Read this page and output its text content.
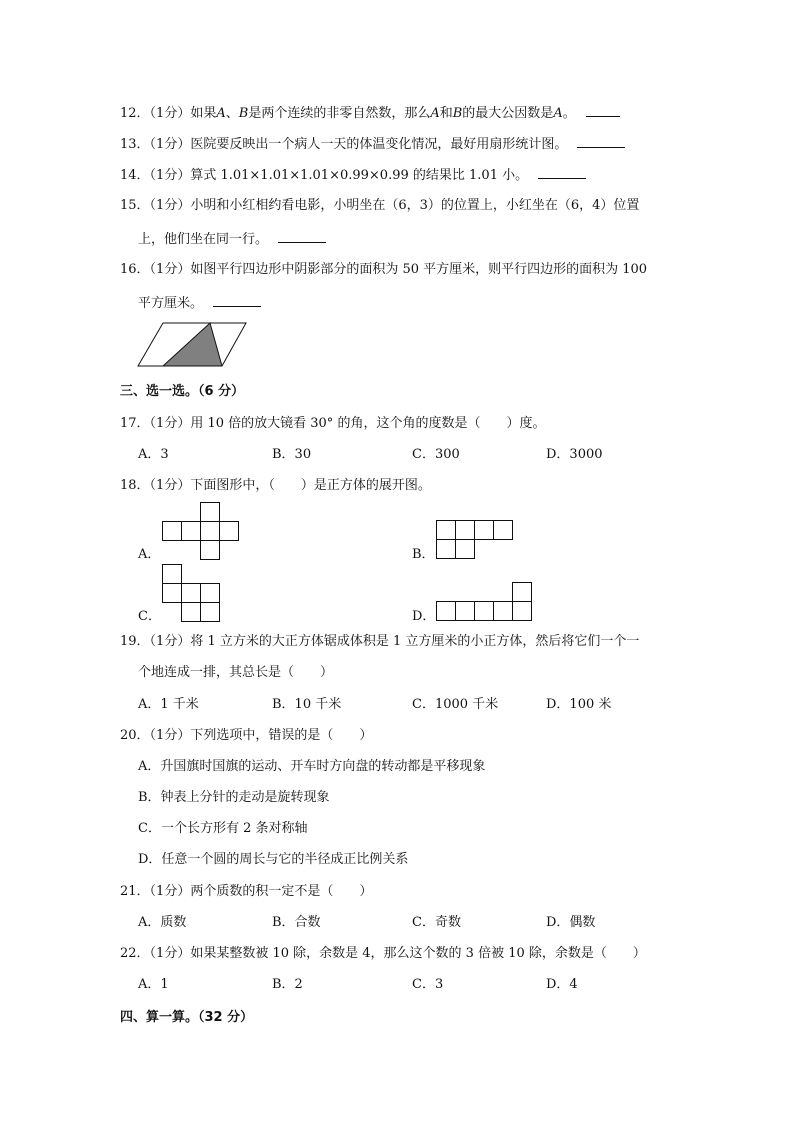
12．（1分）如果A、B是两个连续的非零自然数，那么A和B的最大公因数是A。
13．（1分）医院要反映出一个病人一天的体温变化情况，最好用扇形统计图。
14．（1分）算式 1.01×1.01×1.01×0.99×0.99 的结果比 1.01 小。
15．（1分）小明和小红相约看电影，小明坐在（6，3）的位置上，小红坐在（6，4）位置
上，他们坐在同一行。
16．（1分）如图平行四边形中阴影部分的面积为 50 平方厘米，则平行四边形的面积为 100
平方厘米。
三、选一选。（6 分）
17．（1分）用 10 倍的放大镜看 30° 的角，这个角的度数是（　　）度。
A．3	B．30	C．300	D．3000
18．（1分）下面图形中，（　　）是正方体的展开图。
A．	B．
C．	D．
19．（1分）将 1 立方米的大正方体锯成体积是 1 立方厘米的小正方体，然后将它们一个一
个地连成一排，其总长是（　　）
A．1 千米	B．10 千米	C．1000 千米	D．100 米
20．（1分）下列选项中，错误的是（　　）
A．升国旗时国旗的运动、开车时方向盘的转动都是平移现象
B．钟表上分针的走动是旋转现象
C．一个长方形有 2 条对称轴
D．任意一个圆的周长与它的半径成正比例关系
21．（1分）两个质数的积一定不是（　　）
A．质数	B．合数	C．奇数	D．偶数
22．（1分）如果某整数被 10 除，余数是 4，那么这个数的 3 倍被 10 除，余数是（　　）
A．1	B．2	C．3	D．4
四、算一算。（32 分）
